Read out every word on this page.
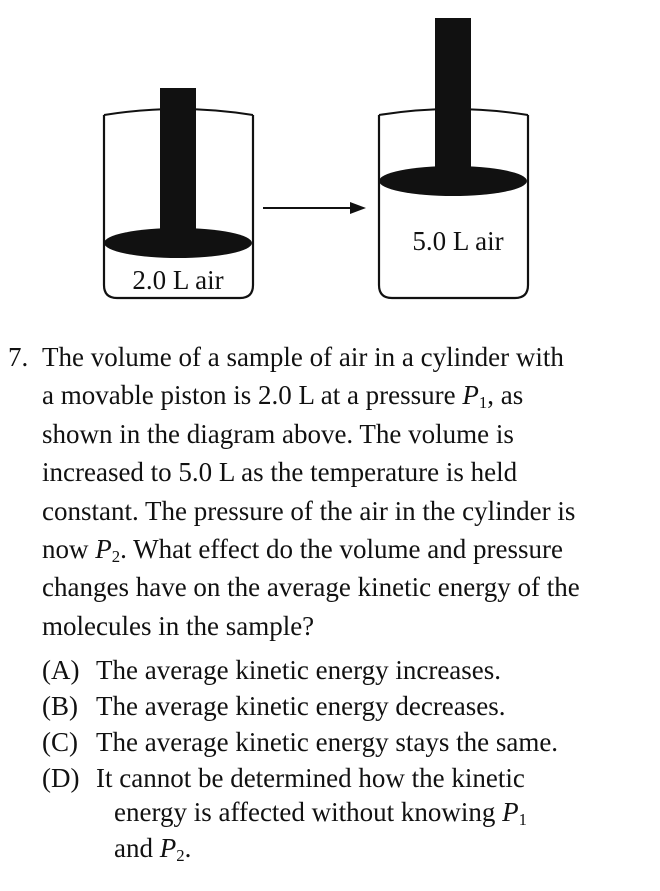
2.0 L air
5.0 L air
7. The volume of a sample of air in a cylinder with
a movable piston is 2.0 L at a pressure $P_1$, as
shown in the diagram above. The volume is
increased to 5.0 L as the temperature is held
constant. The pressure of the air in the cylinder is
now $P_2$. What effect do the volume and pressure
changes have on the average kinetic energy of the
molecules in the sample?
(A) The average kinetic energy increases.
(B) The average kinetic energy decreases.
(C) The average kinetic energy stays the same.
(D) It cannot be determined how the kinetic
energy is affected without knowing $P_1$
and $P_2$.
